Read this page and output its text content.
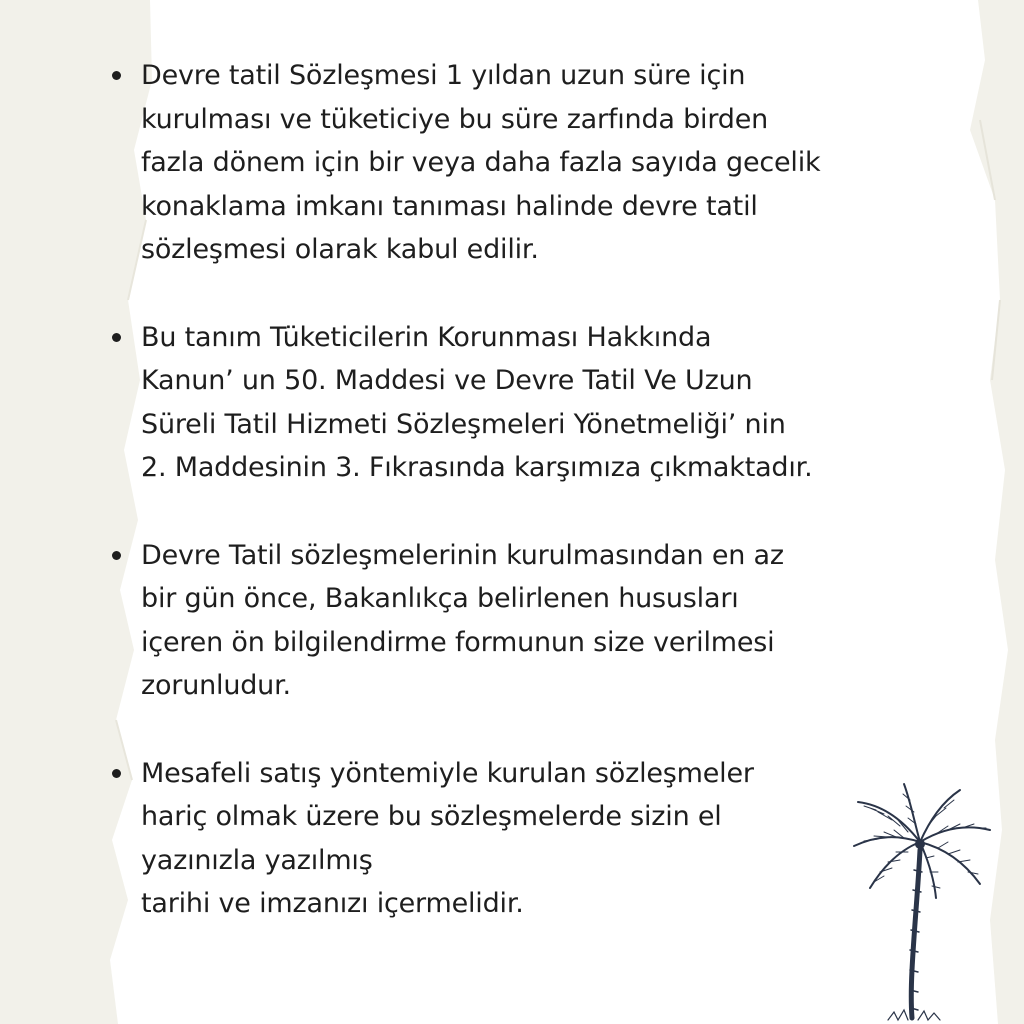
Devre tatil Sözleşmesi 1 yıldan uzun süre için
kurulması ve tüketiciye bu süre zarfında birden
fazla dönem için bir veya daha fazla sayıda gecelik
konaklama imkanı tanıması halinde devre tatil
sözleşmesi olarak kabul edilir.
Bu tanım Tüketicilerin Korunması Hakkında
Kanun’ un 50. Maddesi ve Devre Tatil Ve Uzun
Süreli Tatil Hizmeti Sözleşmeleri Yönetmeliği’ nin
2. Maddesinin 3. Fıkrasında karşımıza çıkmaktadır.
Devre Tatil sözleşmelerinin kurulmasından en az
bir gün önce, Bakanlıkça belirlenen hususları
içeren ön bilgilendirme formunun size verilmesi
zorunludur.
Mesafeli satış yöntemiyle kurulan sözleşmeler
hariç olmak üzere bu sözleşmelerde sizin el
yazınızla yazılmış
tarihi ve imzanızı içermelidir.
